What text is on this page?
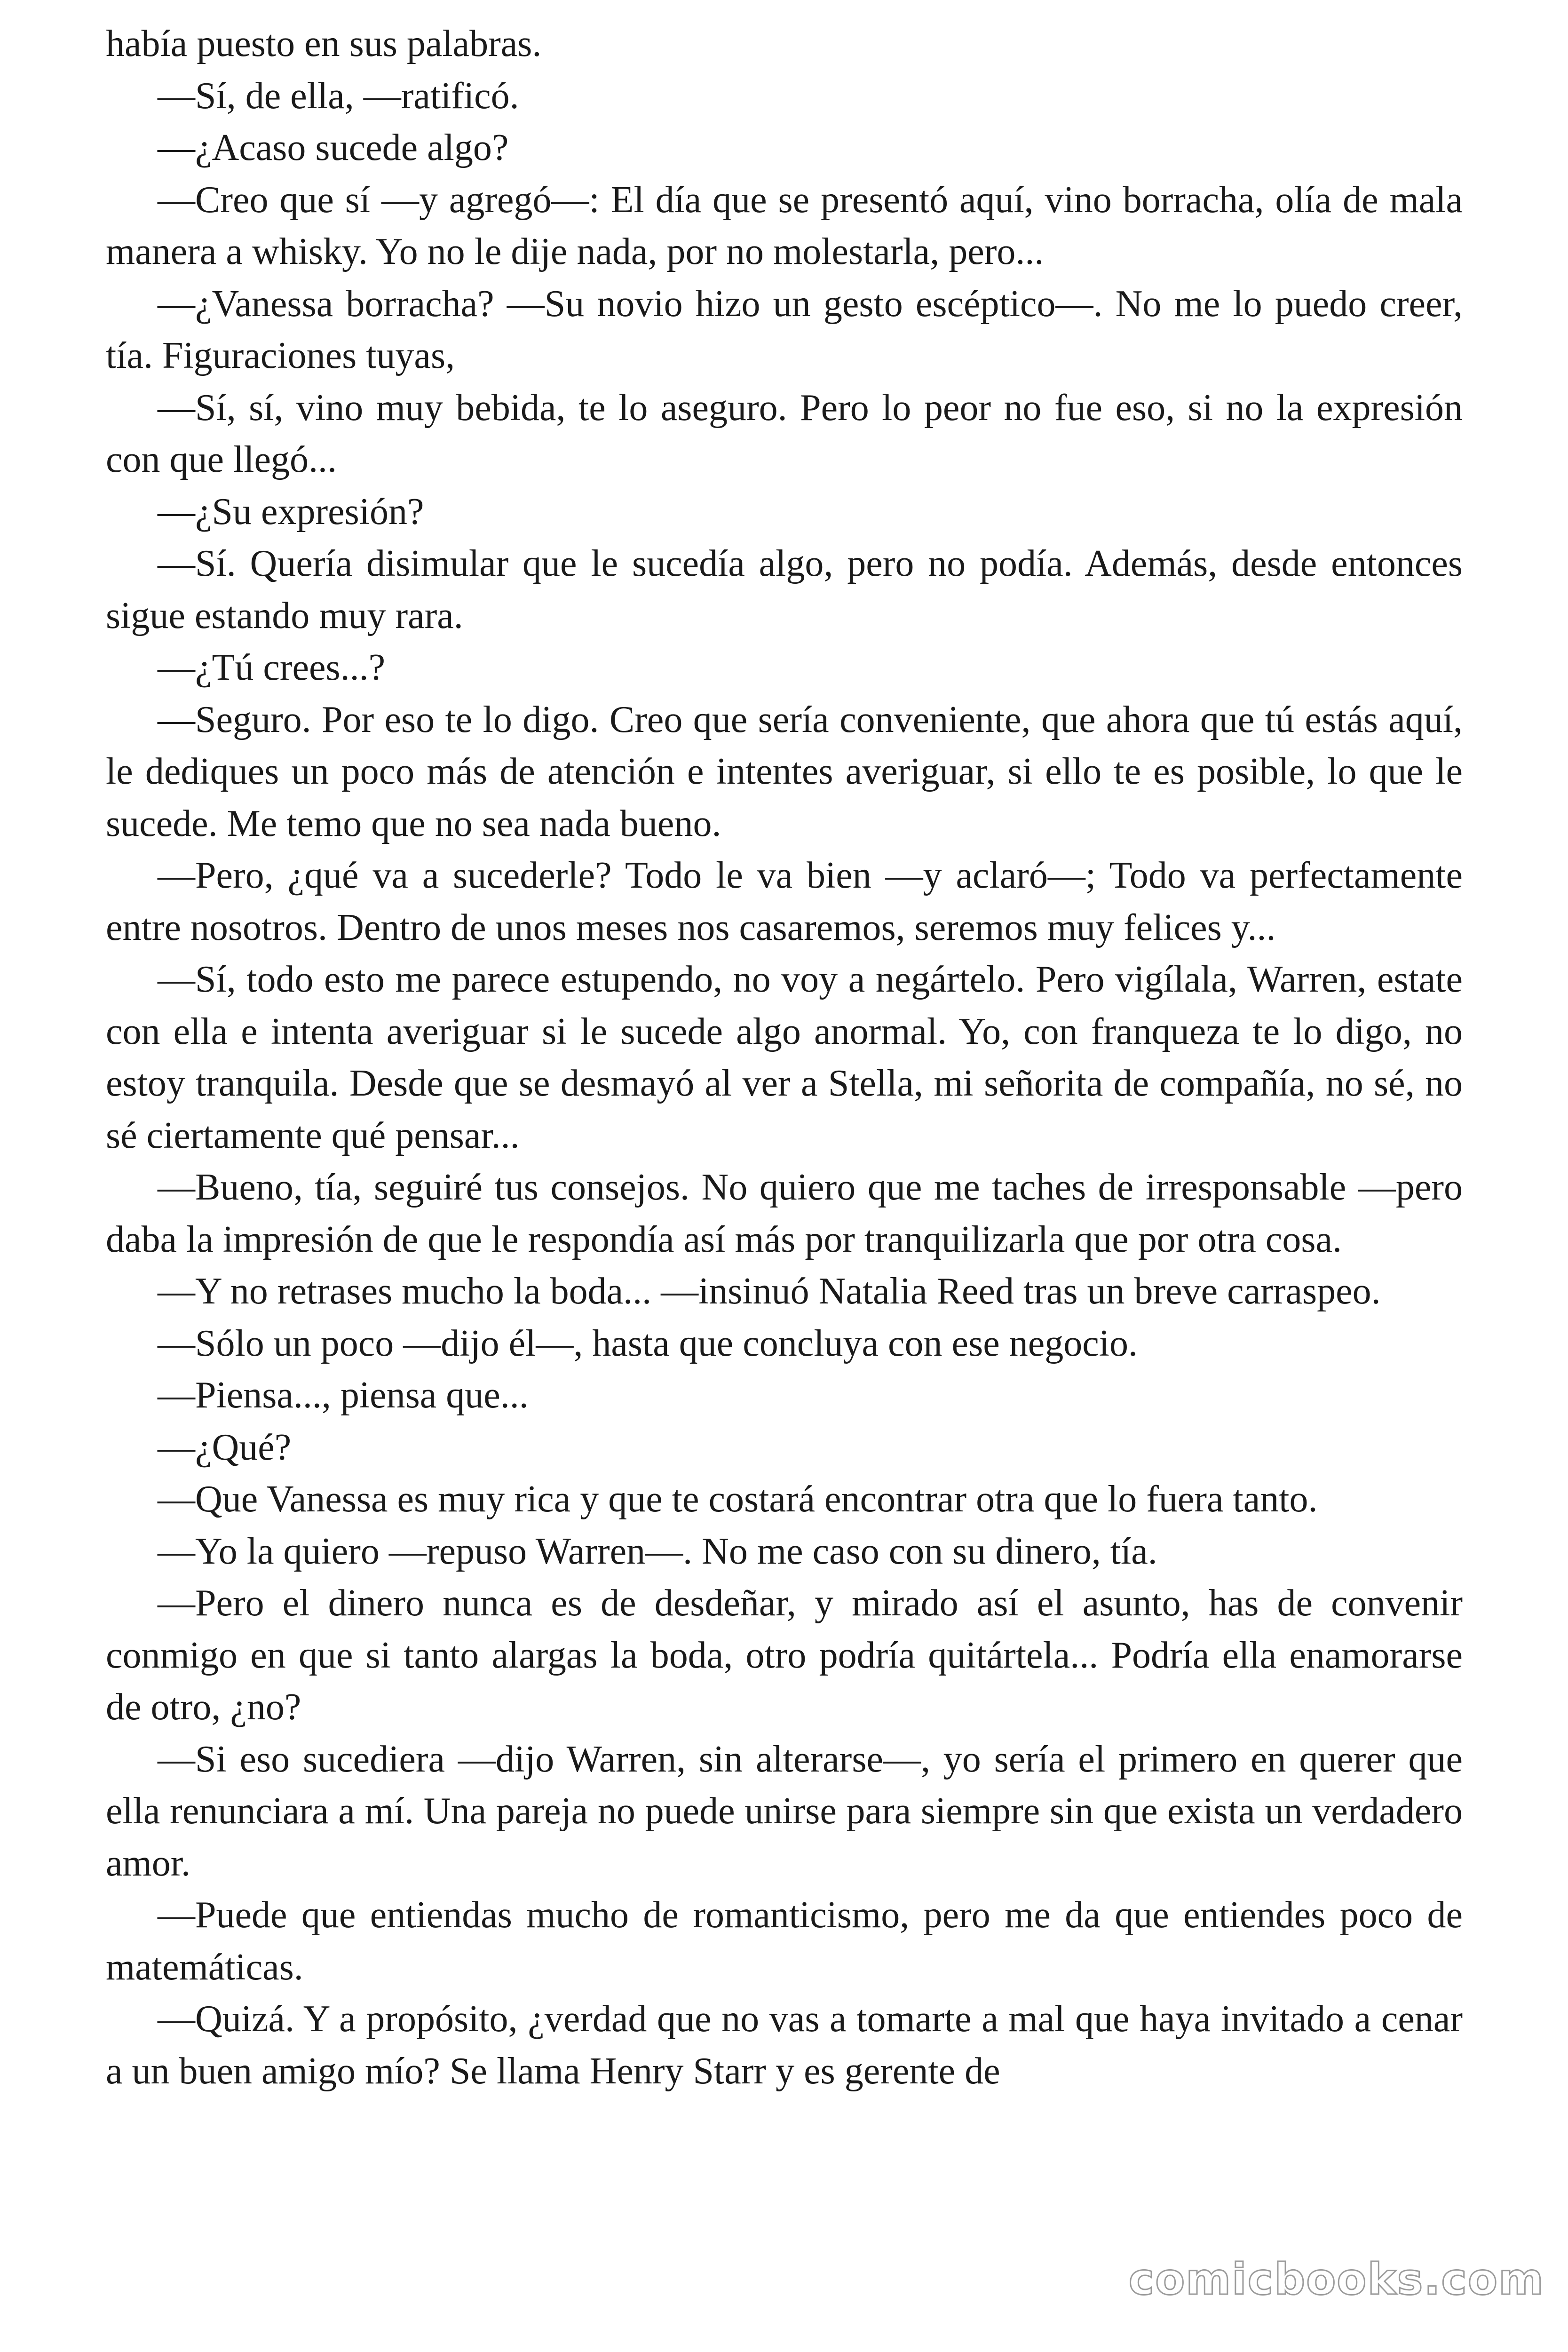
había puesto en sus palabras.

—Sí, de ella, —ratificó.

—¿Acaso sucede algo?

—Creo que sí —y agregó—: El día que se presentó aquí, vino borracha, olía de mala manera a whisky. Yo no le dije nada, por no molestarla, pero...

—¿Vanessa borracha? —Su novio hizo un gesto escéptico—. No me lo puedo creer, tía. Figuraciones tuyas,

—Sí, sí, vino muy bebida, te lo aseguro. Pero lo peor no fue eso, si no la expresión con que llegó...

—¿Su expresión?

—Sí. Quería disimular que le sucedía algo, pero no podía. Además, desde entonces sigue estando muy rara.

—¿Tú crees...?

—Seguro. Por eso te lo digo. Creo que sería conveniente, que ahora que tú estás aquí, le dediques un poco más de atención e intentes averiguar, si ello te es posible, lo que le sucede. Me temo que no sea nada bueno.

—Pero, ¿qué va a sucederle? Todo le va bien —y aclaró—; Todo va perfectamente entre nosotros. Dentro de unos meses nos casaremos, seremos muy felices y...

—Sí, todo esto me parece estupendo, no voy a negártelo. Pero vigílala, Warren, estate con ella e intenta averiguar si le sucede algo anormal. Yo, con franqueza te lo digo, no estoy tranquila. Desde que se desmayó al ver a Stella, mi señorita de compañía, no sé, no sé ciertamente qué pensar...

—Bueno, tía, seguiré tus consejos. No quiero que me taches de irresponsable —pero daba la impresión de que le respondía así más por tranquilizarla que por otra cosa.

—Y no retrases mucho la boda... —insinuó Natalia Reed tras un breve carraspeo.

—Sólo un poco —dijo él—, hasta que concluya con ese negocio.

—Piensa..., piensa que...

—¿Qué?

—Que Vanessa es muy rica y que te costará encontrar otra que lo fuera tanto.

—Yo la quiero —repuso Warren—. No me caso con su dinero, tía.

—Pero el dinero nunca es de desdeñar, y mirado así el asunto, has de convenir conmigo en que si tanto alargas la boda, otro podría quitártela... Podría ella enamorarse de otro, ¿no?

—Si eso sucediera —dijo Warren, sin alterarse—, yo sería el primero en querer que ella renunciara a mí. Una pareja no puede unirse para siempre sin que exista un verdadero amor.

—Puede que entiendas mucho de romanticismo, pero me da que entiendes poco de matemáticas.

—Quizá. Y a propósito, ¿verdad que no vas a tomarte a mal que haya invitado a cenar a un buen amigo mío? Se llama Henry Starr y es gerente de

comicbooks.com
